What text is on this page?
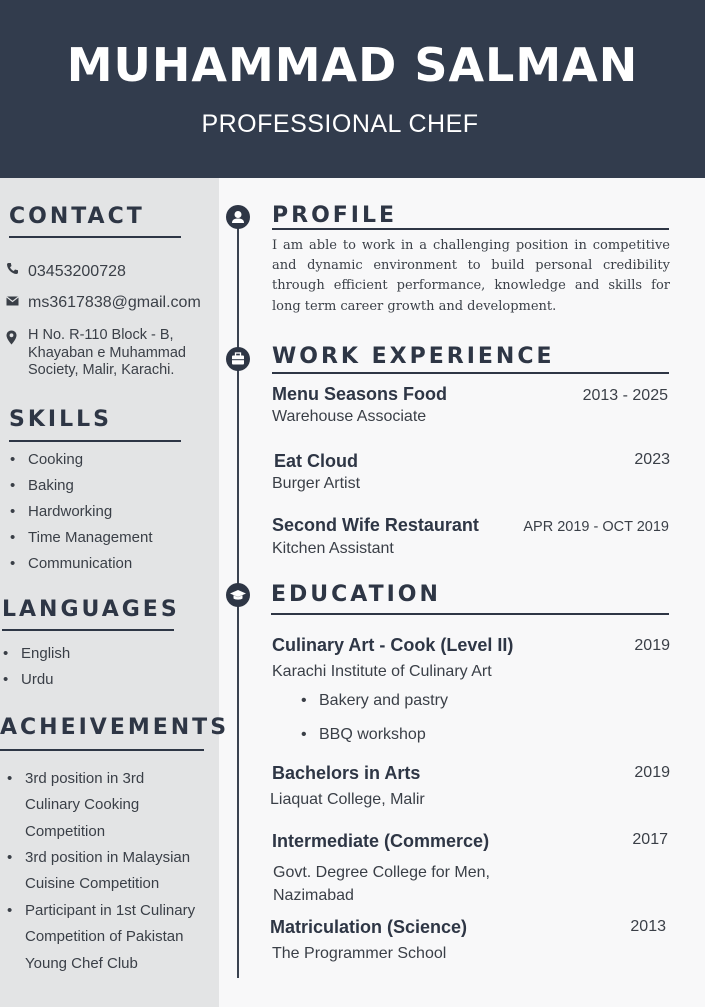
MUHAMMAD SALMAN
PROFESSIONAL CHEF
CONTACT
03453200728
ms3617838@gmail.com
H No. R-110 Block - B,
Khayaban e Muhammad
Society, Malir, Karachi.
SKILLS
• Cooking
• Baking
• Hardworking
• Time Management
• Communication
LANGUAGES
• English
• Urdu
ACHEIVEMENTS
• 3rd position in 3rd
Culinary Cooking
Competition
• 3rd position in Malaysian
Cuisine Competition
• Participant in 1st Culinary
Competition of Pakistan
Young Chef Club
PROFILE
I am able to work in a challenging position in competitive and dynamic environment to build personal credibility through efficient performance, knowledge and skills for long term career growth and development.
WORK EXPERIENCE
Menu Seasons Food	2013 - 2025
Warehouse Associate
Eat Cloud	2023
Burger Artist
Second Wife Restaurant	APR 2019 - OCT 2019
Kitchen Assistant
EDUCATION
Culinary Art - Cook (Level II)	2019
Karachi Institute of Culinary Art
• Bakery and pastry
• BBQ workshop
Bachelors in Arts	2019
Liaquat College, Malir
Intermediate (Commerce)	2017
Govt. Degree College for Men,
Nazimabad
Matriculation (Science)	2013
The Programmer School
